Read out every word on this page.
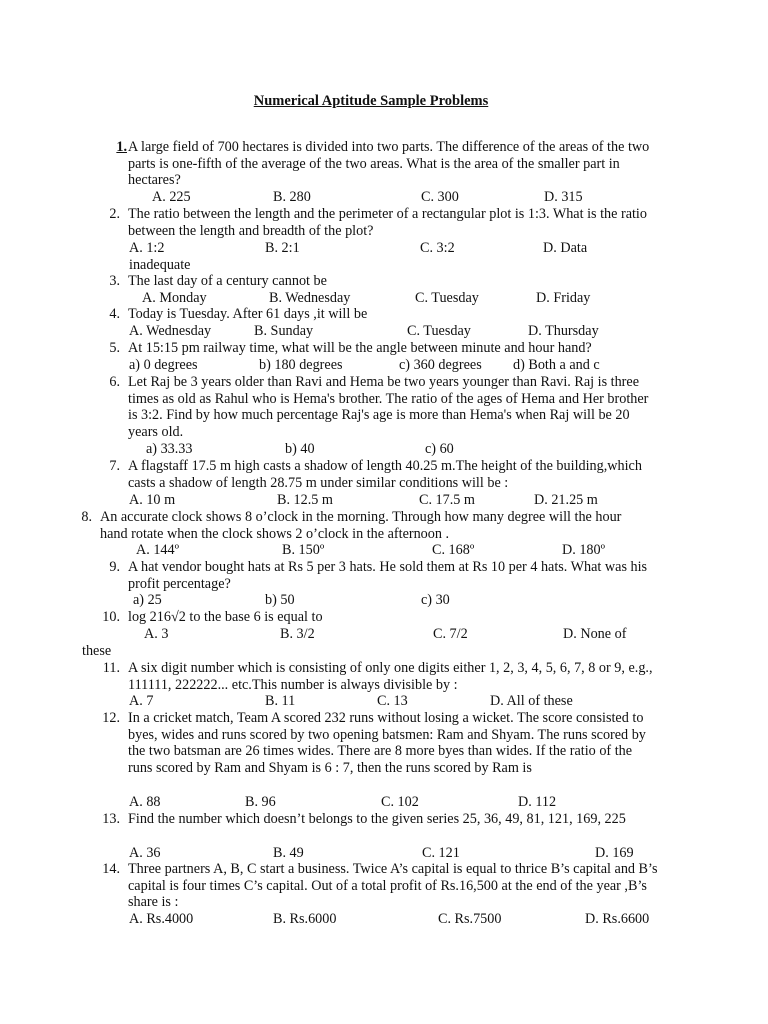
Numerical Aptitude Sample Problems
1. A large field of 700 hectares is divided into two parts. The difference of the areas of the two parts is one-fifth of the average of the two areas. What is the area of the smaller part in hectares?
A. 225	B. 280	C. 300	D. 315
2. The ratio between the length and the perimeter of a rectangular plot is 1:3. What is the ratio between the length and breadth of the plot?
A. 1:2	B. 2:1	C. 3:2	D. Data
inadequate
3. The last day of a century cannot be
A. Monday	B. Wednesday	C. Tuesday	D. Friday
4. Today is Tuesday. After 61 days ,it will be
A. Wednesday	B. Sunday	C. Tuesday	D. Thursday
5. At 15:15 pm railway time, what will be the angle between minute and hour hand?
a) 0 degrees	b) 180 degrees	c) 360 degrees d) Both a and c
6. Let Raj be 3 years older than Ravi and Hema be two years younger than Ravi. Raj is three times as old as Rahul who is Hema's brother. The ratio of the ages of Hema and Her brother is 3:2. Find by how much percentage Raj's age is more than Hema's when Raj will be 20 years old.
a) 33.33	b) 40	c) 60
7. A flagstaff 17.5 m high casts a shadow of length 40.25 m.The height of the building,which casts a shadow of length 28.75 m under similar conditions will be :
A. 10 m	B. 12.5 m	C. 17.5 m	D. 21.25 m
8. An accurate clock shows 8 o’clock in the morning. Through how many degree will the hour hand rotate when the clock shows 2 o’clock in the afternoon .
A. 144º	B. 150º	C. 168º	D. 180º
9. A hat vendor bought hats at Rs 5 per 3 hats. He sold them at Rs 10 per 4 hats. What was his profit percentage?
a) 25	b) 50	c) 30
10. log 216√2 to the base 6 is equal to
A. 3	B. 3/2	C. 7/2	D. None of
these
11. A six digit number which is consisting of only one digits either 1, 2, 3, 4, 5, 6, 7, 8 or 9, e.g., 111111, 222222... etc.This number is always divisible by :
A. 7	B. 11	C. 13	D. All of these
12. In a cricket match, Team A scored 232 runs without losing a wicket. The score consisted to byes, wides and runs scored by two opening batsmen: Ram and Shyam. The runs scored by the two batsman are 26 times wides. There are 8 more byes than wides. If the ratio of the runs scored by Ram and Shyam is 6 : 7, then the runs scored by Ram is
A. 88	B. 96	C. 102	D. 112
13. Find the number which doesn’t belongs to the given series 25, 36, 49, 81, 121, 169, 225
A. 36	B. 49	C. 121	D. 169
14. Three partners A, B, C start a business. Twice A’s capital is equal to thrice B’s capital and B’s capital is four times C’s capital. Out of a total profit of Rs.16,500 at the end of the year ,B’s share is :
A. Rs.4000	B. Rs.6000	C. Rs.7500	D. Rs.6600
